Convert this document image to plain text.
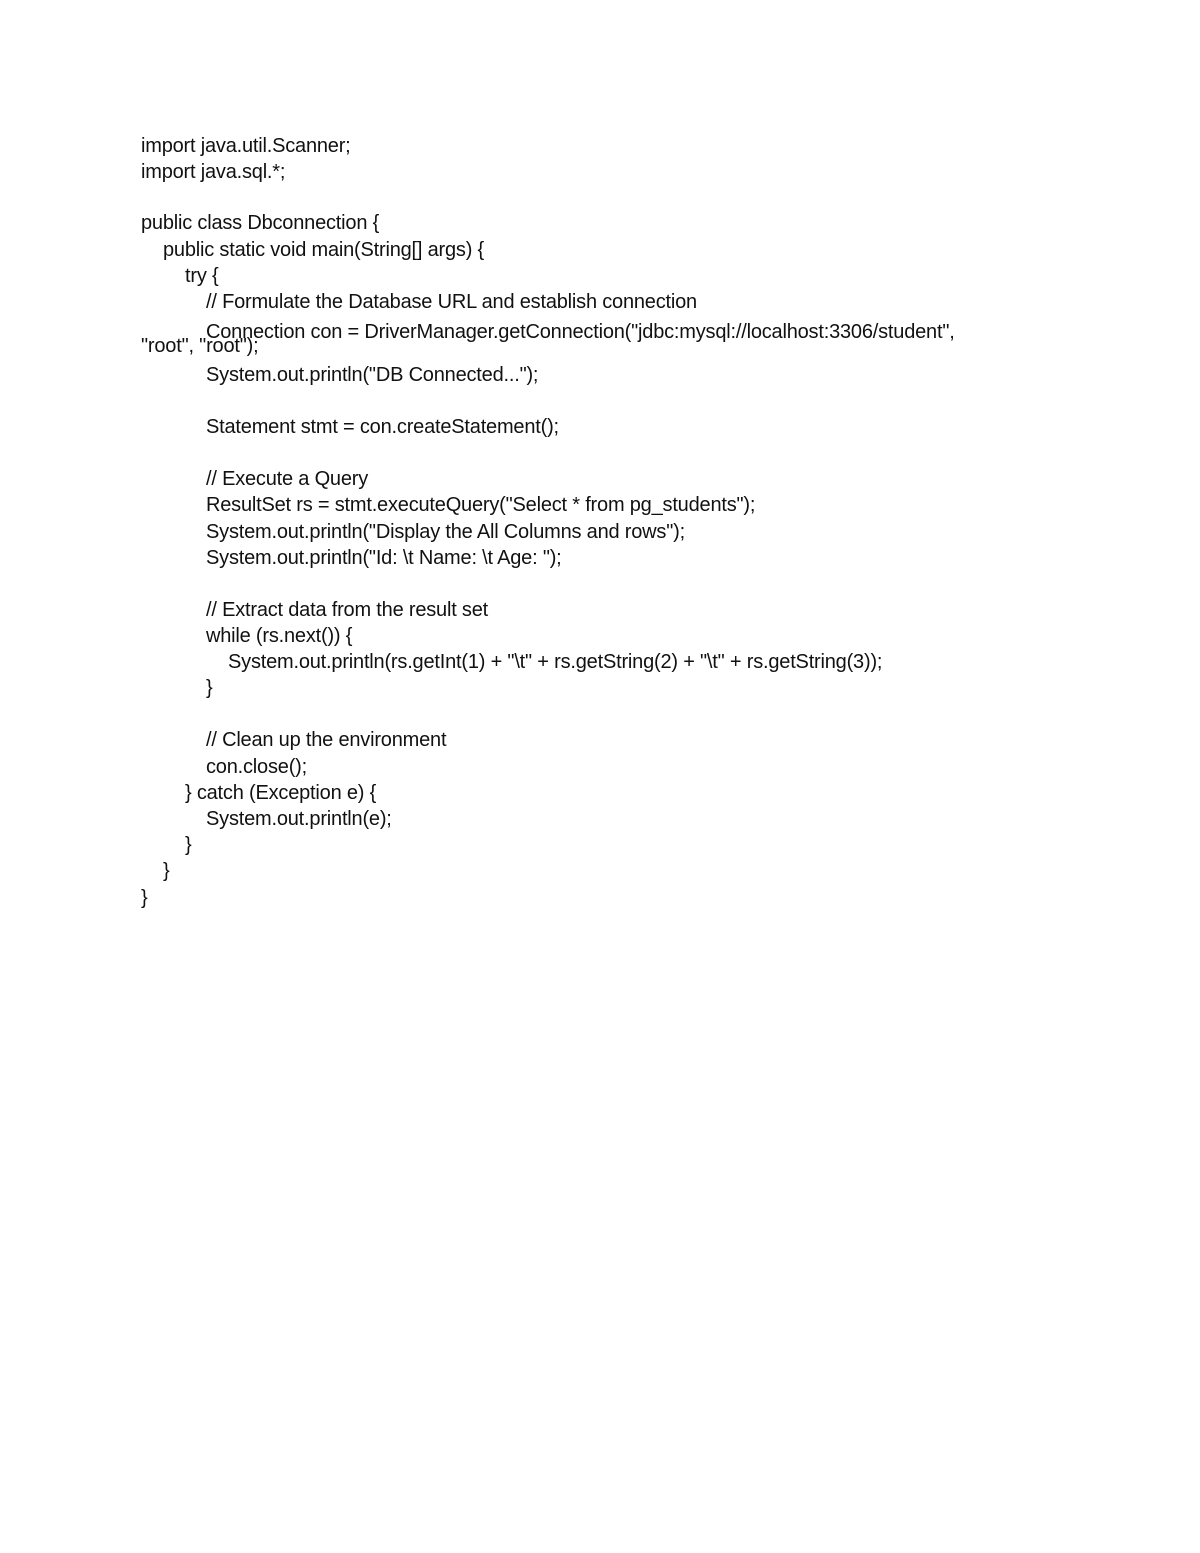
import java.util.Scanner;
import java.sql.*;
public class Dbconnection {
public static void main(String[] args) {
try {
// Formulate the Database URL and establish connection
Connection con = DriverManager.getConnection("jdbc:mysql://localhost:3306/student",
"root", "root");
System.out.println("DB Connected...");
Statement stmt = con.createStatement();
// Execute a Query
ResultSet rs = stmt.executeQuery("Select * from pg_students");
System.out.println("Display the All Columns and rows");
System.out.println("Id: \t Name: \t Age: ");
// Extract data from the result set
while (rs.next()) {
System.out.println(rs.getInt(1) + "\t" + rs.getString(2) + "\t" + rs.getString(3));
}
// Clean up the environment
con.close();
} catch (Exception e) {
System.out.println(e);
}
}
}
